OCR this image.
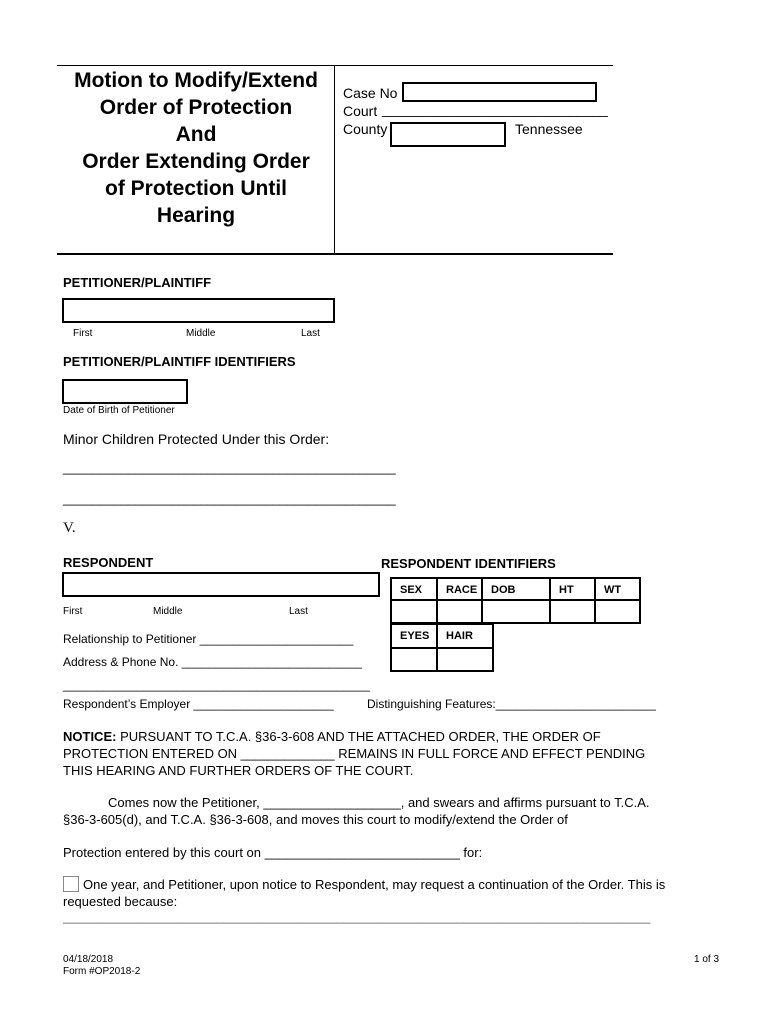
Motion to Modify/Extend
Order of Protection
And
Order Extending Order
of Protection Until
Hearing
Case No
Court _____________________________
County	Tennessee
PETITIONER/PLAINTIFF
First	Middle	Last
PETITIONER/PLAINTIFF IDENTIFIERS
Date of Birth of Petitioner
Minor Children Protected Under this Order:
______________________________________________
______________________________________________
V.
RESPONDENT	RESPONDENT IDENTIFIERS
First	Middle	Last
SEX	RACE	DOB	HT	WT
EYES	HAIR
Relationship to Petitioner _______________________
Address & Phone No. ___________________________
______________________________________________
Respondent’s Employer _____________________	Distinguishing Features:________________________
NOTICE: PURSUANT TO T.C.A. §36-3-608 AND THE ATTACHED ORDER, THE ORDER OF
PROTECTION ENTERED ON _____________ REMAINS IN FULL FORCE AND EFFECT PENDING
THIS HEARING AND FURTHER ORDERS OF THE COURT.
Comes now the Petitioner, ___________________, and swears and affirms pursuant to T.C.A.
§36-3-605(d), and T.C.A. §36-3-608, and moves this court to modify/extend the Order of
Protection entered by this court on ___________________________ for:
One year, and Petitioner, upon notice to Respondent, may request a continuation of the Order. This is
requested because:
________________________________________________________________________________________
04/18/2018
Form #OP2018-2
1 of 3
